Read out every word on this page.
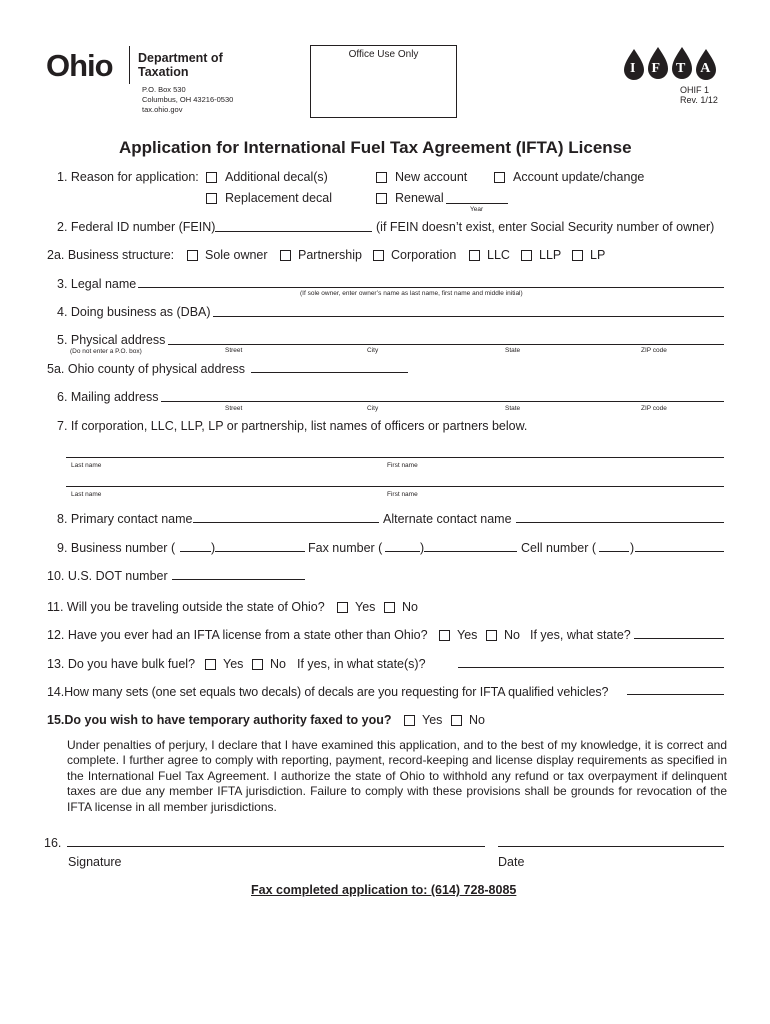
Ohio Department of
Taxation
P.O. Box 530
Columbus, OH 43216-0530
tax.ohio.gov
Office Use Only
IFTA
OHIF 1
Rev. 1/12
Application for International Fuel Tax Agreement (IFTA) License
1. Reason for application: Additional decal(s)	New account	Account update/change
Replacement decal	Renewal
Year
2. Federal ID number (FEIN)	(if FEIN doesn’t exist, enter Social Security number of owner)
2a. Business structure: Sole owner Partnership Corporation LLC LLP LP
3. Legal name
(If sole owner, enter owner’s name as last name, first name and middle initial)
4. Doing business as (DBA)
5. Physical address
(Do not enter a P.O. box)	Street	City	State	ZIP code
5a. Ohio county of physical address
6. Mailing address
Street	City	State	ZIP code
7. If corporation, LLC, LLP, LP or partnership, list names of officers or partners below.
Last name	First name
Last name	First name
8. Primary contact name	Alternate contact name
9. Business number (	)	Fax number (	)	Cell number (	)
10. U.S. DOT number
11. Will you be traveling outside the state of Ohio? Yes No
12. Have you ever had an IFTA license from a state other than Ohio? Yes No If yes, what state?
13. Do you have bulk fuel? Yes No If yes, in what state(s)?
14.How many sets (one set equals two decals) of decals are you requesting for IFTA qualified vehicles?
15.Do you wish to have temporary authority faxed to you? Yes No
Under penalties of perjury, I declare that I have examined this application, and to the best of my knowledge, it is correct and complete. I further agree to comply with reporting, payment, record-keeping and license display requirements as specified in the International Fuel Tax Agreement. I authorize the state of Ohio to withhold any refund or tax overpayment if delinquent taxes are due any member IFTA jurisdiction. Failure to comply with these provisions shall be grounds for revocation of the IFTA license in all member jurisdictions.
16.
Signature	Date
Fax completed application to: (614) 728-8085
